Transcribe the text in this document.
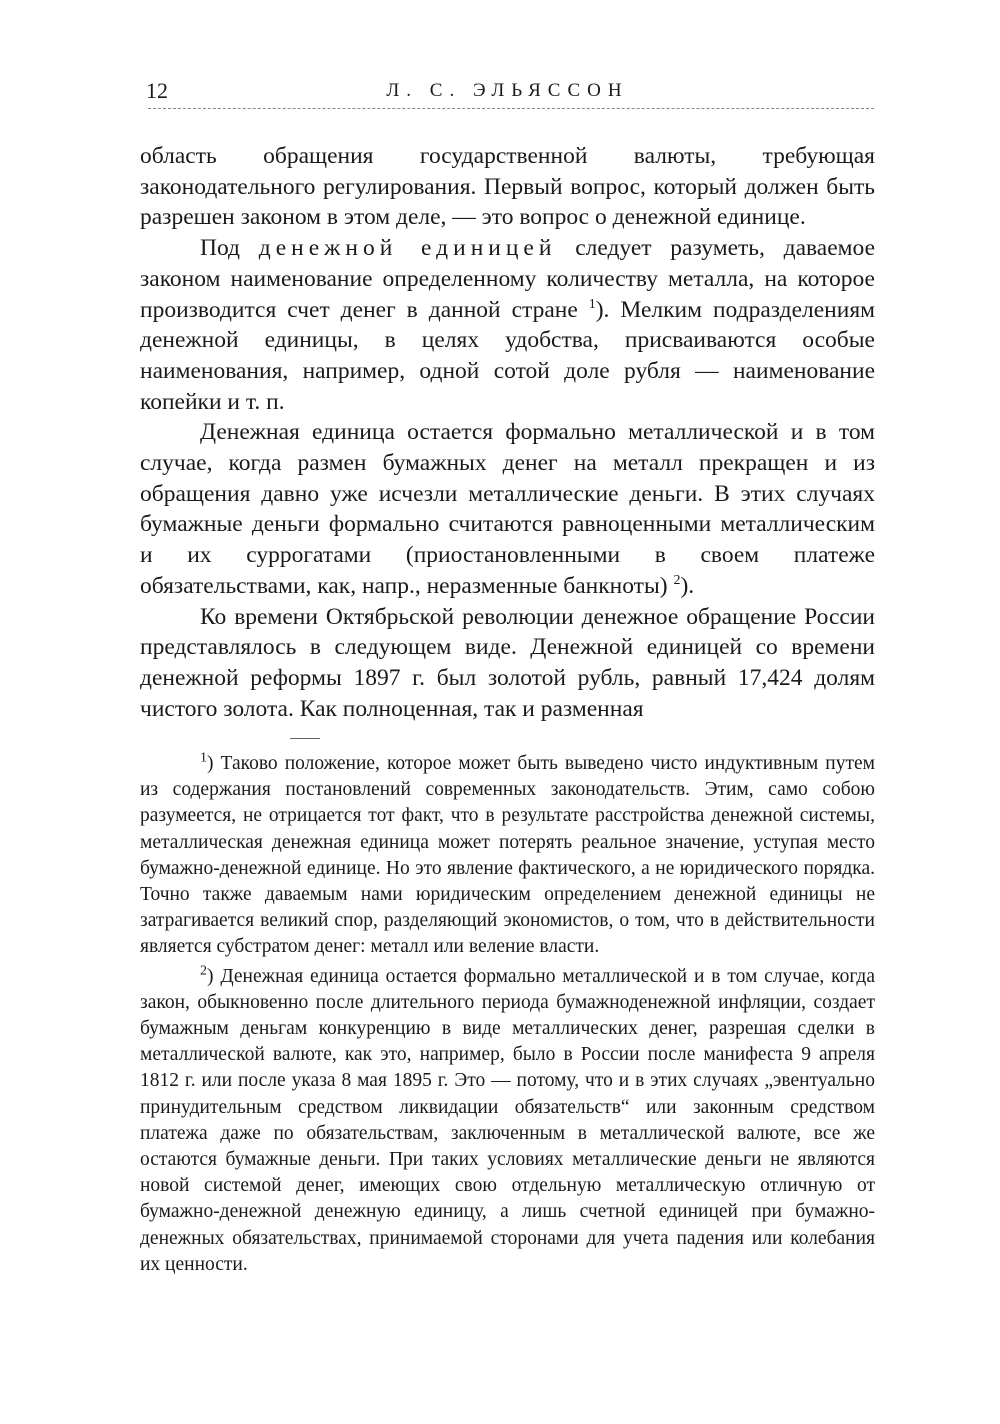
12	Л. С. ЭЛЬЯССОН

область обращения государственной валюты, требующая законодательного регулирования. Первый вопрос, который должен быть разрешен законом в этом деле, — это вопрос о денежной единице.

Под денежной единицей следует разуметь, даваемое законом наименование определенному количеству металла, на которое производится счет денег в данной стране $^1$). Мелким подразделениям денежной единицы, в целях удобства, присваиваются особые наименования, например, одной сотой доле рубля — наименование копейки и т. п.

Денежная единица остается формально металлической и в том случае, когда размен бумажных денег на металл прекращен и из обращения давно уже исчезли металлические деньги. В этих случаях бумажные деньги формально считаются равноценными металлическим и их суррогатами (приостановленными в своем платеже обязательствами, как, напр., неразменные банкноты) $^2$).

Ко времени Октябрьской революции денежное обращение России представлялось в следующем виде. Денежной единицей со времени денежной реформы 1897 г. был золотой рубль, равный 17,424 долям чистого золота. Как полноценная, так и разменная

$^1$) Таково положение, которое может быть выведено чисто индуктивным путем из содержания постановлений современных законодательств. Этим, само собою разумеется, не отрицается тот факт, что в результате расстройства денежной системы, металлическая денежная единица может потерять реальное значение, уступая место бумажно-денежной единице. Но это явление фактического, а не юридического порядка. Точно также даваемым нами юридическим определением денежной единицы не затрагивается великий спор, разделяющий экономистов, о том, что в действительности является субстратом денег: металл или веление власти.

$^2$) Денежная единица остается формально металлической и в том случае, когда закон, обыкновенно после длительного периода бумажноденежной инфляции, создает бумажным деньгам конкуренцию в виде металлических денег, разрешая сделки в металлической валюте, как это, например, было в России после манифеста 9 апреля 1812 г. или после указа 8 мая 1895 г. Это — потому, что и в этих случаях „эвентуально принудительным средством ликвидации обязательств“ или законным средством платежа даже по обязательствам, заключенным в металлической валюте, все же остаются бумажные деньги. При таких условиях металлические деньги не являются новой системой денег, имеющих свою отдельную металлическую отличную от бумажно-денежной денежную единицу, а лишь счетной единицей при бумажно-денежных обязательствах, принимаемой сторонами для учета падения или колебания их ценности.
